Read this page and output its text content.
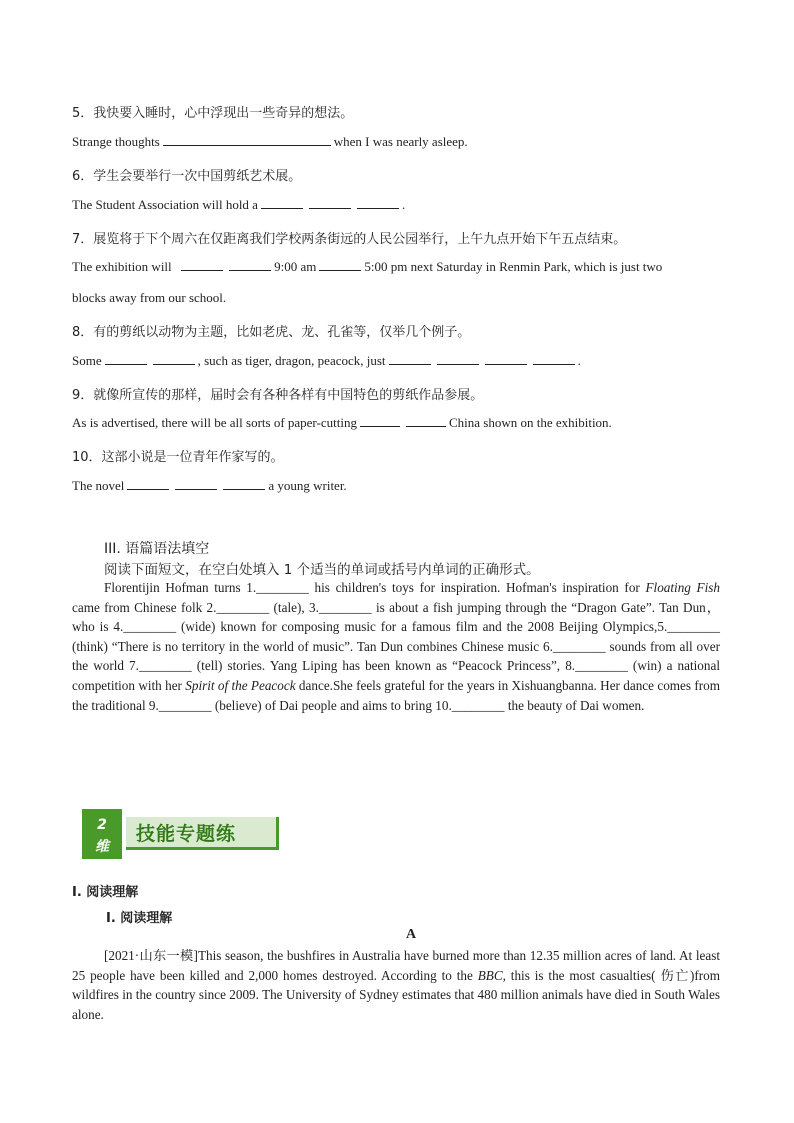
5．我快要入睡时，心中浮现出一些奇异的想法。
Strange thoughts	when I was nearly asleep.
6．学生会要举行一次中国剪纸艺术展。
The Student Association will hold a	.
7．展览将于下个周六在仅距离我们学校两条街远的人民公园举行，上午九点开始下午五点结束。
The exhibition will	9:00 am	5:00 pm next Saturday in Renmin Park, which is just two
blocks away from our school.
8．有的剪纸以动物为主题，比如老虎、龙、孔雀等，仅举几个例子。
Some	, such as tiger, dragon, peacock, just	.
9．就像所宣传的那样，届时会有各种各样有中国特色的剪纸作品参展。
As is advertised, there will be all sorts of paper-cutting	China shown on the exhibition.
10．这部小说是一位青年作家写的。
The novel	a young writer.
III. 语篇语法填空
阅读下面短文，在空白处填入 1 个适当的单词或括号内单词的正确形式。
Florentijin Hofman turns 1.________ his children's toys for inspiration. Hofman's inspiration for Floating Fish came from Chinese folk 2.________ (tale), 3.________ is about a fish jumping through the “Dragon Gate”. Tan Dun，who is 4.________ (wide) known for composing music for a famous film and the 2008 Beijing Olympics,5.________ (think) “There is no territory in the world of music”. Tan Dun combines Chinese music 6.________ sounds from all over the world 7.________ (tell) stories. Yang Liping has been known as “Peacock Princess”, 8.________ (win) a national competition with her Spirit of the Peacock dance.She feels grateful for the years in Xishuangbanna. Her dance comes from the traditional 9.________ (believe) of Dai people and aims to bring 10.________ the beauty of Dai women.
2
维
技能专题练
I. 阅读理解
Ⅰ. 阅读理解
A
[2021·山东一模]This season, the bushfires in Australia have burned more than 12.35 million acres of land. At least 25 people have been killed and 2,000 homes destroyed. According to the BBC, this is the most casualties( 伤亡)from wildfires in the country since 2009. The University of Sydney estimates that 480 million animals have died in South Wales alone.
